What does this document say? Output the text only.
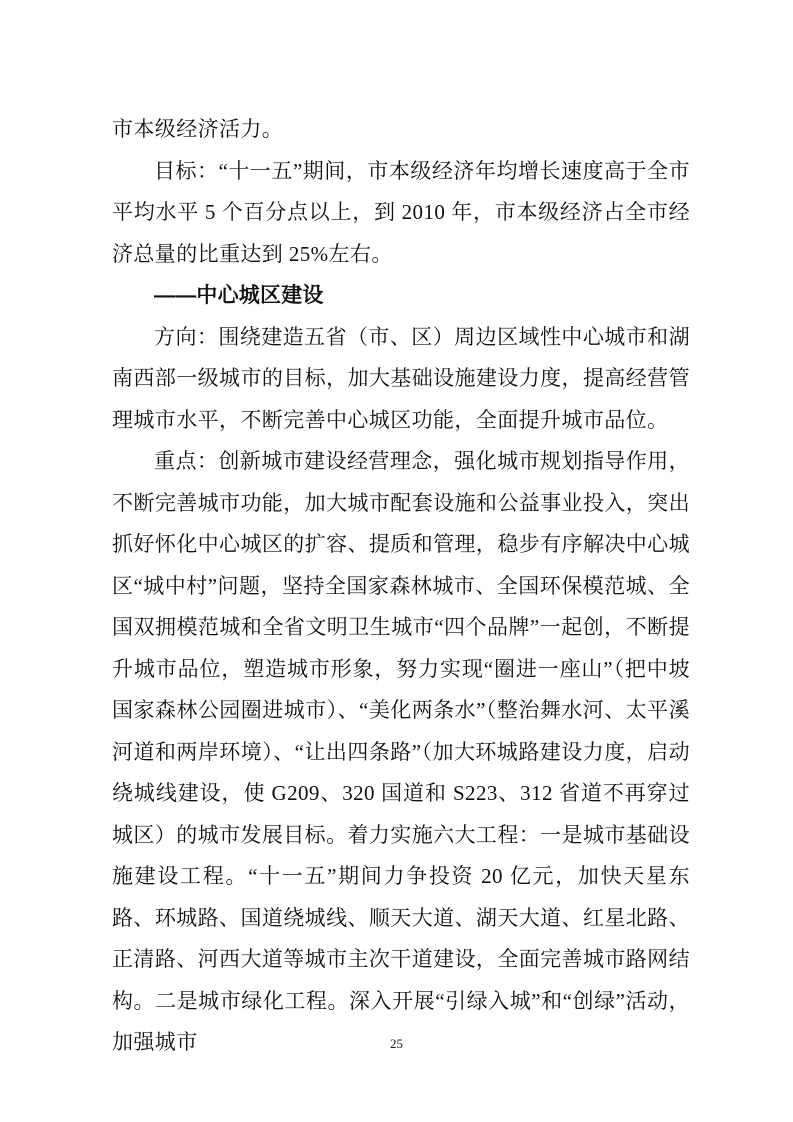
市本级经济活力。

目标：“十一五”期间，市本级经济年均增长速度高于全市平均水平 5 个百分点以上，到 2010 年，市本级经济占全市经济总量的比重达到 25%左右。

——中心城区建设

方向：围绕建造五省（市、区）周边区域性中心城市和湖南西部一级城市的目标，加大基础设施建设力度，提高经营管理城市水平，不断完善中心城区功能，全面提升城市品位。

重点：创新城市建设经营理念，强化城市规划指导作用，不断完善城市功能，加大城市配套设施和公益事业投入，突出抓好怀化中心城区的扩容、提质和管理，稳步有序解决中心城区“城中村”问题，坚持全国家森林城市、全国环保模范城、全国双拥模范城和全省文明卫生城市“四个品牌”一起创，不断提升城市品位，塑造城市形象，努力实现“圈进一座山”（把中坡国家森林公园圈进城市）、“美化两条水”（整治舞水河、太平溪河道和两岸环境）、“让出四条路”（加大环城路建设力度，启动绕城线建设，使 G209、320 国道和 S223、312 省道不再穿过城区）的城市发展目标。着力实施六大工程：一是城市基础设施建设工程。“十一五”期间力争投资 20 亿元，加快天星东路、环城路、国道绕城线、顺天大道、湖天大道、红星北路、正清路、河西大道等城市主次干道建设，全面完善城市路网结构。二是城市绿化工程。深入开展“引绿入城”和“创绿”活动，加强城市	25
